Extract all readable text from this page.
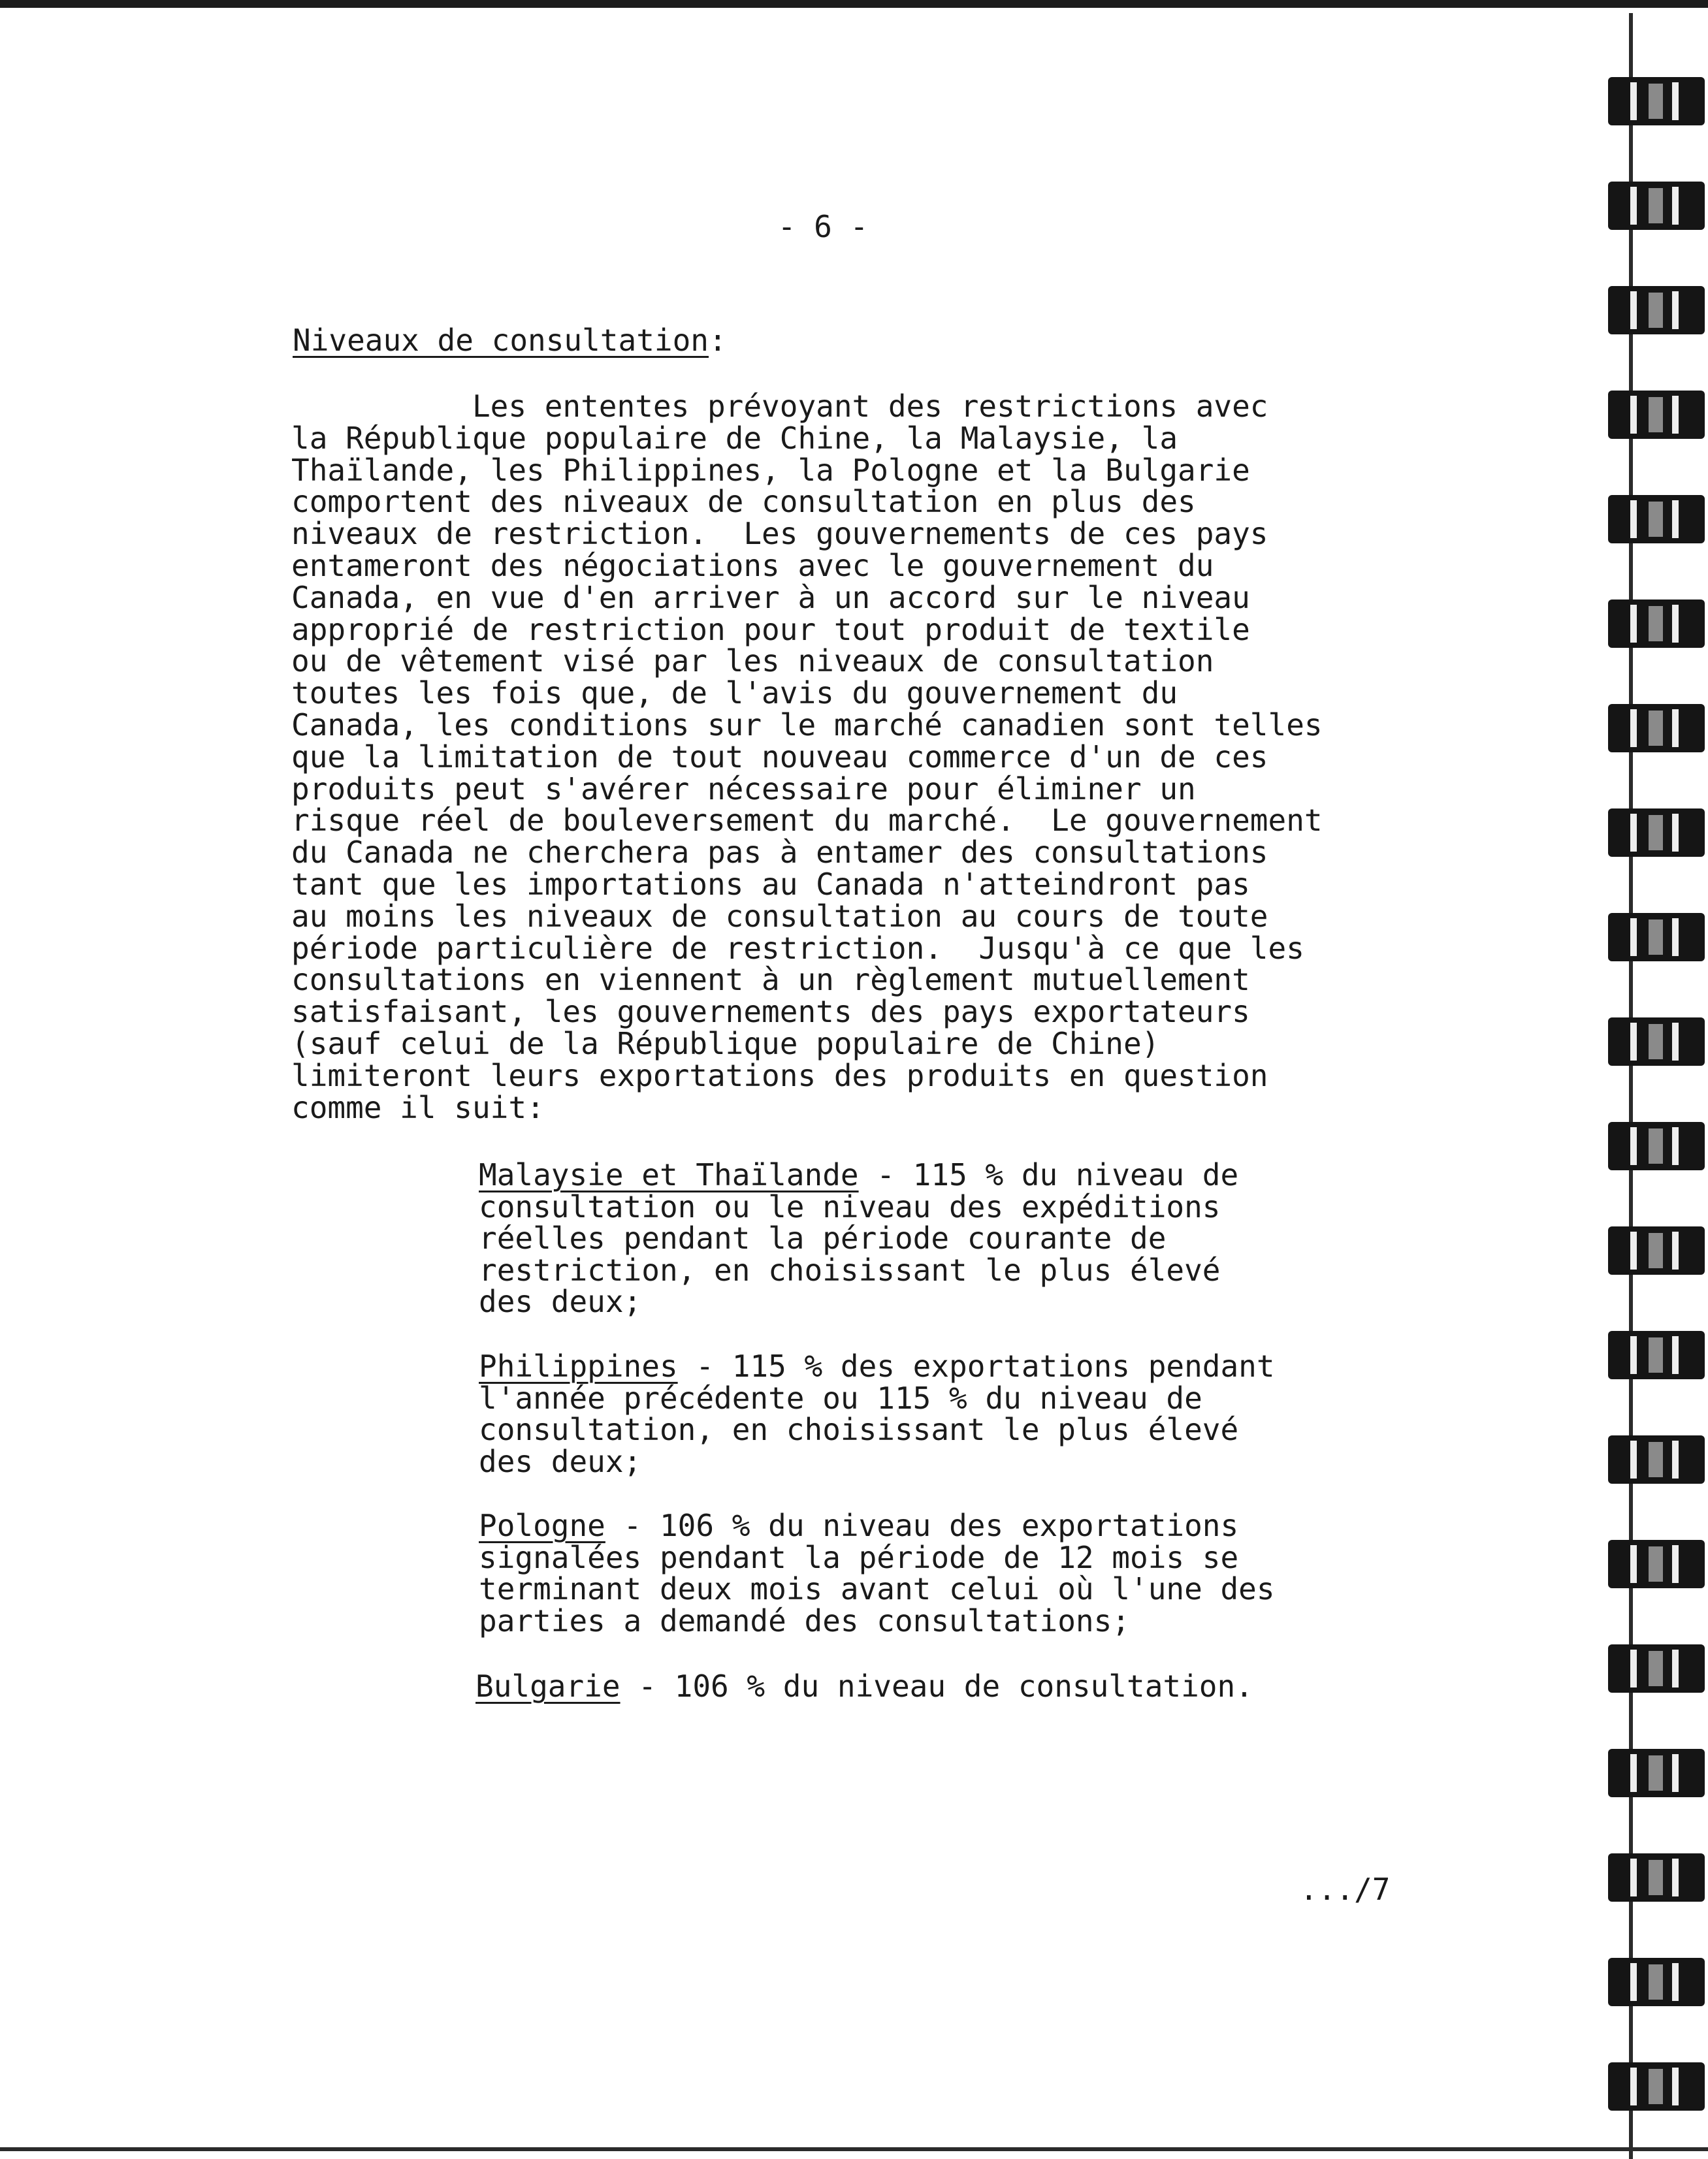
- 6 -
Niveaux de consultation:
Les ententes prévoyant des restrictions avec
la République populaire de Chine, la Malaysie, la
Thaïlande, les Philippines, la Pologne et la Bulgarie
comportent des niveaux de consultation en plus des
niveaux de restriction.  Les gouvernements de ces pays
entameront des négociations avec le gouvernement du
Canada, en vue d'en arriver à un accord sur le niveau
approprié de restriction pour tout produit de textile
ou de vêtement visé par les niveaux de consultation
toutes les fois que, de l'avis du gouvernement du
Canada, les conditions sur le marché canadien sont telles
que la limitation de tout nouveau commerce d'un de ces
produits peut s'avérer nécessaire pour éliminer un
risque réel de bouleversement du marché.  Le gouvernement
du Canada ne cherchera pas à entamer des consultations
tant que les importations au Canada n'atteindront pas
au moins les niveaux de consultation au cours de toute
période particulière de restriction.  Jusqu'à ce que les
consultations en viennent à un règlement mutuellement
satisfaisant, les gouvernements des pays exportateurs
(sauf celui de la République populaire de Chine)
limiteront leurs exportations des produits en question
comme il suit:
Malaysie et Thaïlande - 115 % du niveau de
consultation ou le niveau des expéditions
réelles pendant la période courante de
restriction, en choisissant le plus élevé
des deux;
Philippines - 115 % des exportations pendant
l'année précédente ou 115 % du niveau de
consultation, en choisissant le plus élevé
des deux;
Pologne - 106 % du niveau des exportations
signalées pendant la période de 12 mois se
terminant deux mois avant celui où l'une des
parties a demandé des consultations;
Bulgarie - 106 % du niveau de consultation.
.../7
